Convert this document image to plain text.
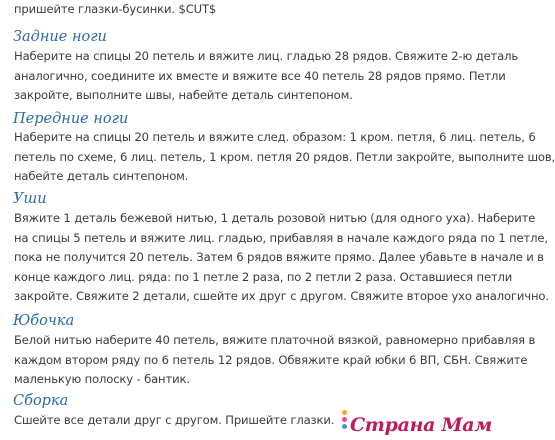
пришейте глазки-бусинки. $CUT$
Задние ноги
Наберите на спицы 20 петель и вяжите лиц. гладью 28 рядов. Свяжите 2-ю деталь
аналогично, соедините их вместе и вяжите все 40 петель 28 рядов прямо. Петли
закройте, выполните швы, набейте деталь синтепоном.
Передние ноги
Наберите на спицы 20 петель и вяжите след. образом: 1 кром. петля, 6 лиц. петель, 6
петель по схеме, 6 лиц. петель, 1 кром. петля 20 рядов. Петли закройте, выполните шов,
набейте деталь синтепоном.
Уши
Вяжите 1 деталь бежевой нитью, 1 деталь розовой нитью (для одного уха). Наберите
на спицы 5 петель и вяжите лиц. гладью, прибавляя в начале каждого ряда по 1 петле,
пока не получится 20 петель. Затем 6 рядов вяжите прямо. Далее убавьте в начале и в
конце каждого лиц. ряда: по 1 петле 2 раза, по 2 петли 2 раза. Оставшиеся петли
закройте. Свяжите 2 детали, сшейте их друг с другом. Свяжите второе ухо аналогично.
Юбочка
Белой нитью наберите 40 петель, вяжите платочной вязкой, равномерно прибавляя в
каждом втором ряду по 6 петель 12 рядов. Обвяжите край юбки 6 ВП, СБН. Свяжите
маленькую полоску - бантик.
Сборка
Сшейте все детали друг с другом. Пришейте глазки. Страна Мам
